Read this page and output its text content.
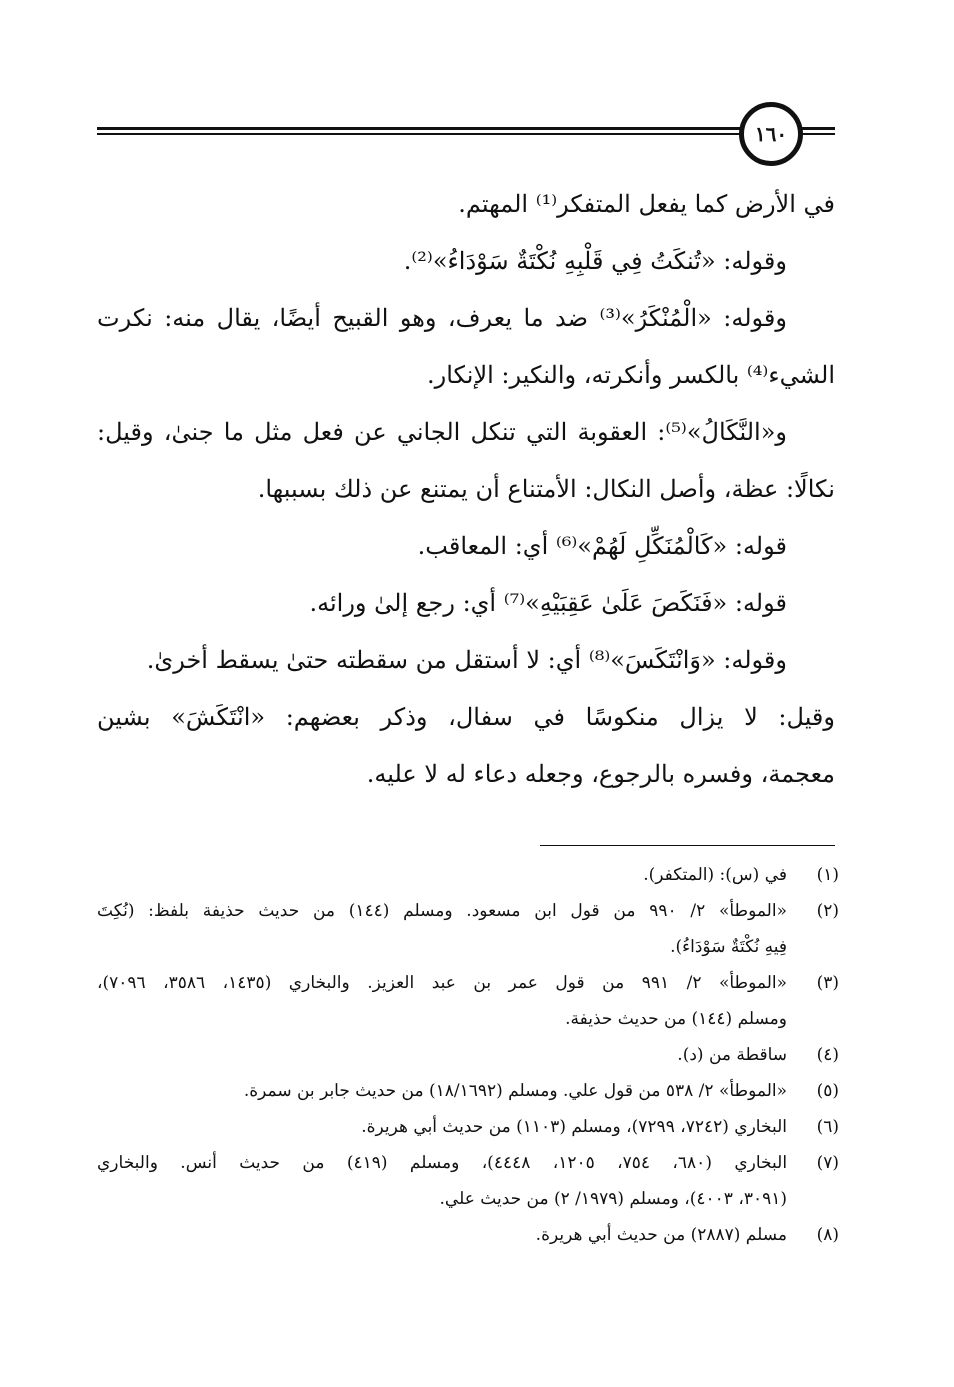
١٦٠
في الأرض كما يفعل المتفكر⁽¹⁾ المهتم.
وقوله: «تُنكَتُ فِي قَلْبِهِ نُكْتَةٌ سَوْدَاءُ»⁽²⁾.
وقوله: «الْمُنْكَرُ»⁽³⁾ ضد ما يعرف، وهو القبيح أيضًا، يقال منه: نكرت
الشيء⁽⁴⁾ بالكسر وأنكرته، والنكير: الإنكار.
و«النَّكَالُ»⁽⁵⁾: العقوبة التي تنكل الجاني عن فعل مثل ما جنىٰ، وقيل:
نكالًا: عظة، وأصل النكال: الأمتناع أن يمتنع عن ذلك بسببها.
قوله: «كَالْمُنَكِّلِ لَهُمْ»⁽⁶⁾ أي: المعاقب.
قوله: «فَنَكَصَ عَلَىٰ عَقِبَيْهِ»⁽⁷⁾ أي: رجع إلىٰ ورائه.
وقوله: «وَانْتَكَسَ»⁽⁸⁾ أي: لا أستقل من سقطته حتىٰ يسقط أخرىٰ.
وقيل: لا يزال منكوسًا في سفال، وذكر بعضهم: «انْتَكَشَ» بشين
معجمة، وفسره بالرجوع، وجعله دعاء له لا عليه.
(١)
في (س): (المتكفر).
(٢)
«الموطأ» ٢/ ٩٩٠ من قول ابن مسعود. ومسلم (١٤٤) من حديث حذيفة بلفظ: (نُكِتَ
فِيهِ نُكْتَةٌ سَوْدَاءُ).
(٣)
«الموطأ» ٢/ ٩٩١ من قول عمر بن عبد العزيز. والبخاري (١٤٣٥، ٣٥٨٦، ٧٠٩٦)،
ومسلم (١٤٤) من حديث حذيفة.
(٤)
ساقطة من (د).
(٥)
«الموطأ» ٢/ ٥٣٨ من قول علي. ومسلم (١٨/١٦٩٢) من حديث جابر بن سمرة.
(٦)
البخاري (٧٢٤٢، ٧٢٩٩)، ومسلم (١١٠٣) من حديث أبي هريرة.
(٧)
البخاري (٦٨٠، ٧٥٤، ١٢٠٥، ٤٤٤٨)، ومسلم (٤١٩) من حديث أنس. والبخاري
(٣٠٩١، ٤٠٠٣)، ومسلم (١٩٧٩/ ٢) من حديث علي.
(٨)
مسلم (٢٨٨٧) من حديث أبي هريرة.
